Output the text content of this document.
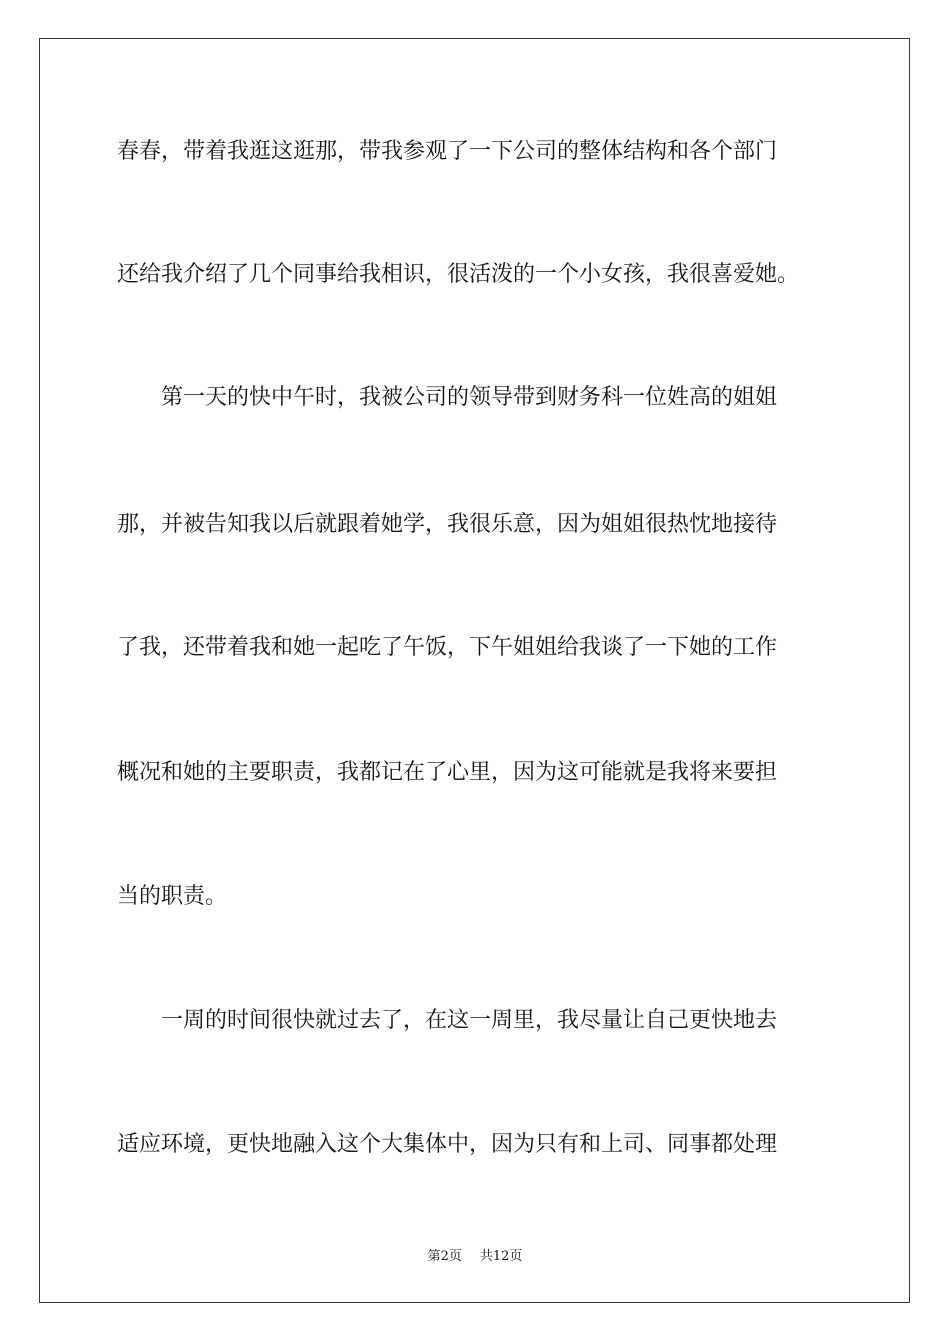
春春，带着我逛这逛那，带我参观了一下公司的整体结构和各个部门
还给我介绍了几个同事给我相识，很活泼的一个小女孩，我很喜爱她。
　　第一天的快中午时，我被公司的领导带到财务科一位姓高的姐姐
那，并被告知我以后就跟着她学，我很乐意，因为姐姐很热忱地接待
了我，还带着我和她一起吃了午饭，下午姐姐给我谈了一下她的工作
概况和她的主要职责，我都记在了心里，因为这可能就是我将来要担
当的职责。
　　一周的时间很快就过去了，在这一周里，我尽量让自己更快地去
适应环境，更快地融入这个大集体中，因为只有和上司、同事都处理
第2页 共12页
